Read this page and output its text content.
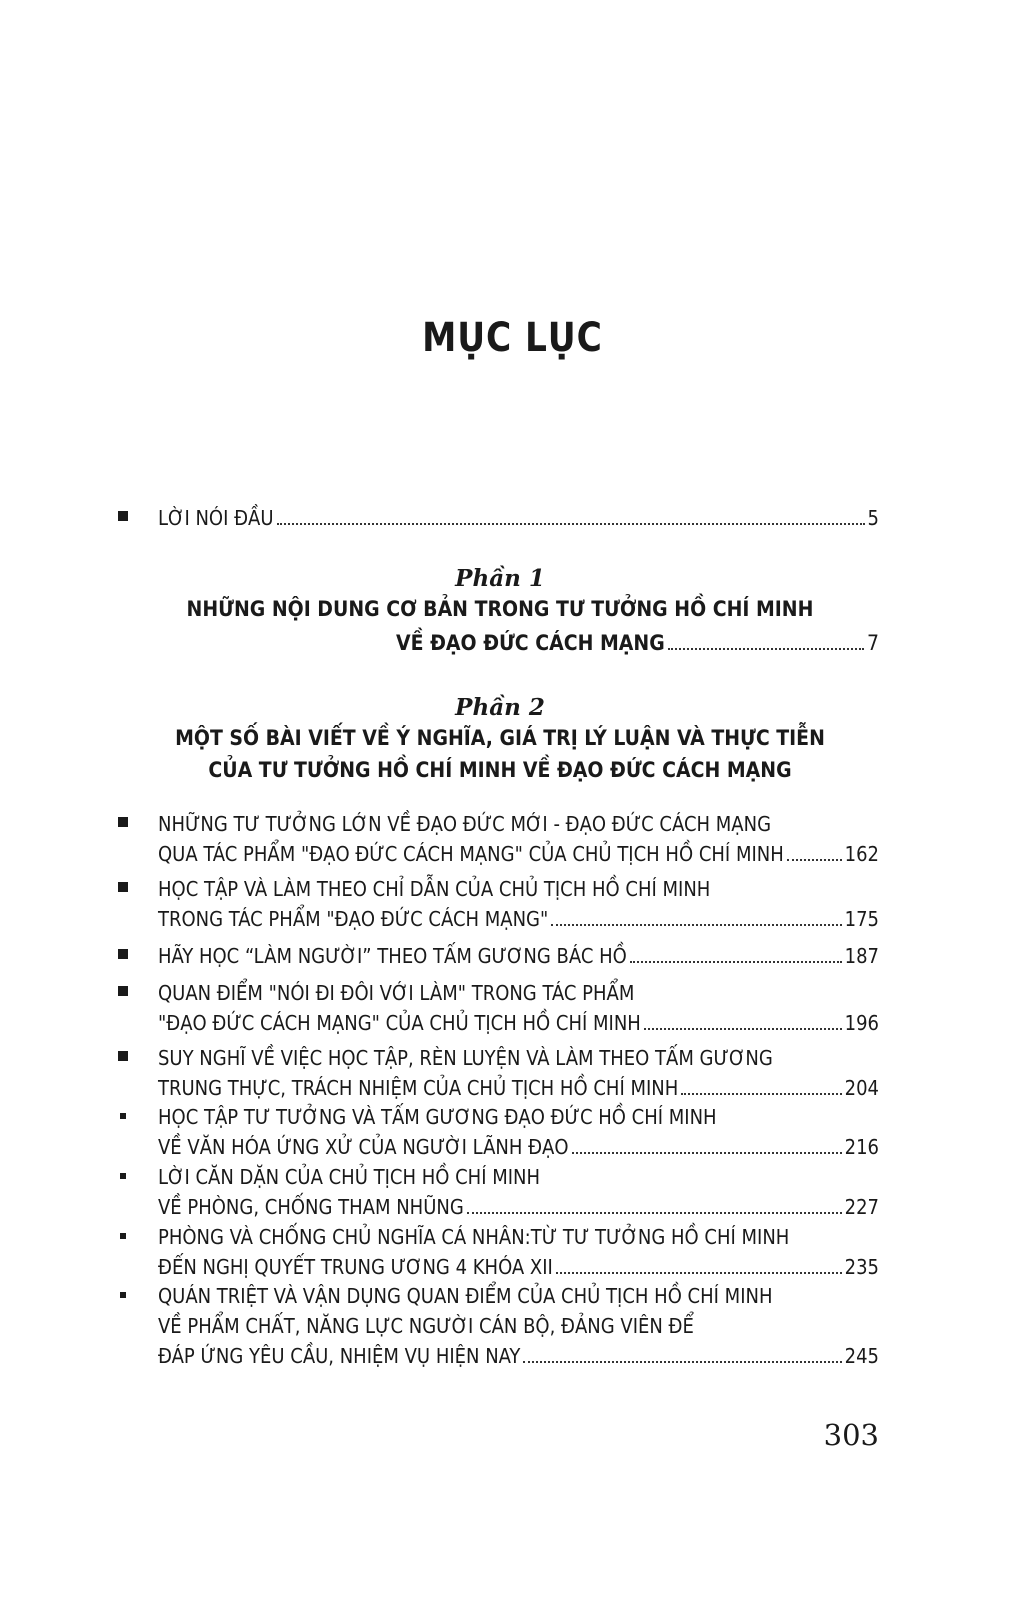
MỤC LỤC
LỜI NÓI ĐẦU	5
Phần 1
NHỮNG NỘI DUNG CƠ BẢN TRONG TƯ TƯỞNG HỒ CHÍ MINH
VỀ ĐẠO ĐỨC CÁCH MẠNG	7
Phần 2
MỘT SỐ BÀI VIẾT VỀ Ý NGHĨA, GIÁ TRỊ LÝ LUẬN VÀ THỰC TIỄN
CỦA TƯ TƯỞNG HỒ CHÍ MINH VỀ ĐẠO ĐỨC CÁCH MẠNG
NHỮNG TƯ TƯỞNG LỚN VỀ ĐẠO ĐỨC MỚI - ĐẠO ĐỨC CÁCH MẠNG
QUA TÁC PHẨM "ĐẠO ĐỨC CÁCH MẠNG" CỦA CHỦ TỊCH HỒ CHÍ MINH	162
HỌC TẬP VÀ LÀM THEO CHỈ DẪN CỦA CHỦ TỊCH HỒ CHÍ MINH
TRONG TÁC PHẨM "ĐẠO ĐỨC CÁCH MẠNG"	175
HÃY HỌC “LÀM NGƯỜI” THEO TẤM GƯƠNG BÁC HỒ	187
QUAN ĐIỂM "NÓI ĐI ĐÔI VỚI LÀM" TRONG TÁC PHẨM
"ĐẠO ĐỨC CÁCH MẠNG" CỦA CHỦ TỊCH HỒ CHÍ MINH	196
SUY NGHĨ VỀ VIỆC HỌC TẬP, RÈN LUYỆN VÀ LÀM THEO TẤM GƯƠNG
TRUNG THỰC, TRÁCH NHIỆM CỦA CHỦ TỊCH HỒ CHÍ MINH	204
HỌC TẬP TƯ TƯỞNG VÀ TẤM GƯƠNG ĐẠO ĐỨC HỒ CHÍ MINH
VỀ VĂN HÓA ỨNG XỬ CỦA NGƯỜI LÃNH ĐẠO	216
LỜI CĂN DẶN CỦA CHỦ TỊCH HỒ CHÍ MINH
VỀ PHÒNG, CHỐNG THAM NHŨNG	227
PHÒNG VÀ CHỐNG CHỦ NGHĨA CÁ NHÂN:TỪ TƯ TƯỞNG HỒ CHÍ MINH
ĐẾN NGHỊ QUYẾT TRUNG ƯƠNG 4 KHÓA XII	235
QUÁN TRIỆT VÀ VẬN DỤNG QUAN ĐIỂM CỦA CHỦ TỊCH HỒ CHÍ MINH
VỀ PHẨM CHẤT, NĂNG LỰC NGƯỜI CÁN BỘ, ĐẢNG VIÊN ĐỂ
ĐÁP ỨNG YÊU CẦU, NHIỆM VỤ HIỆN NAY	245
303
